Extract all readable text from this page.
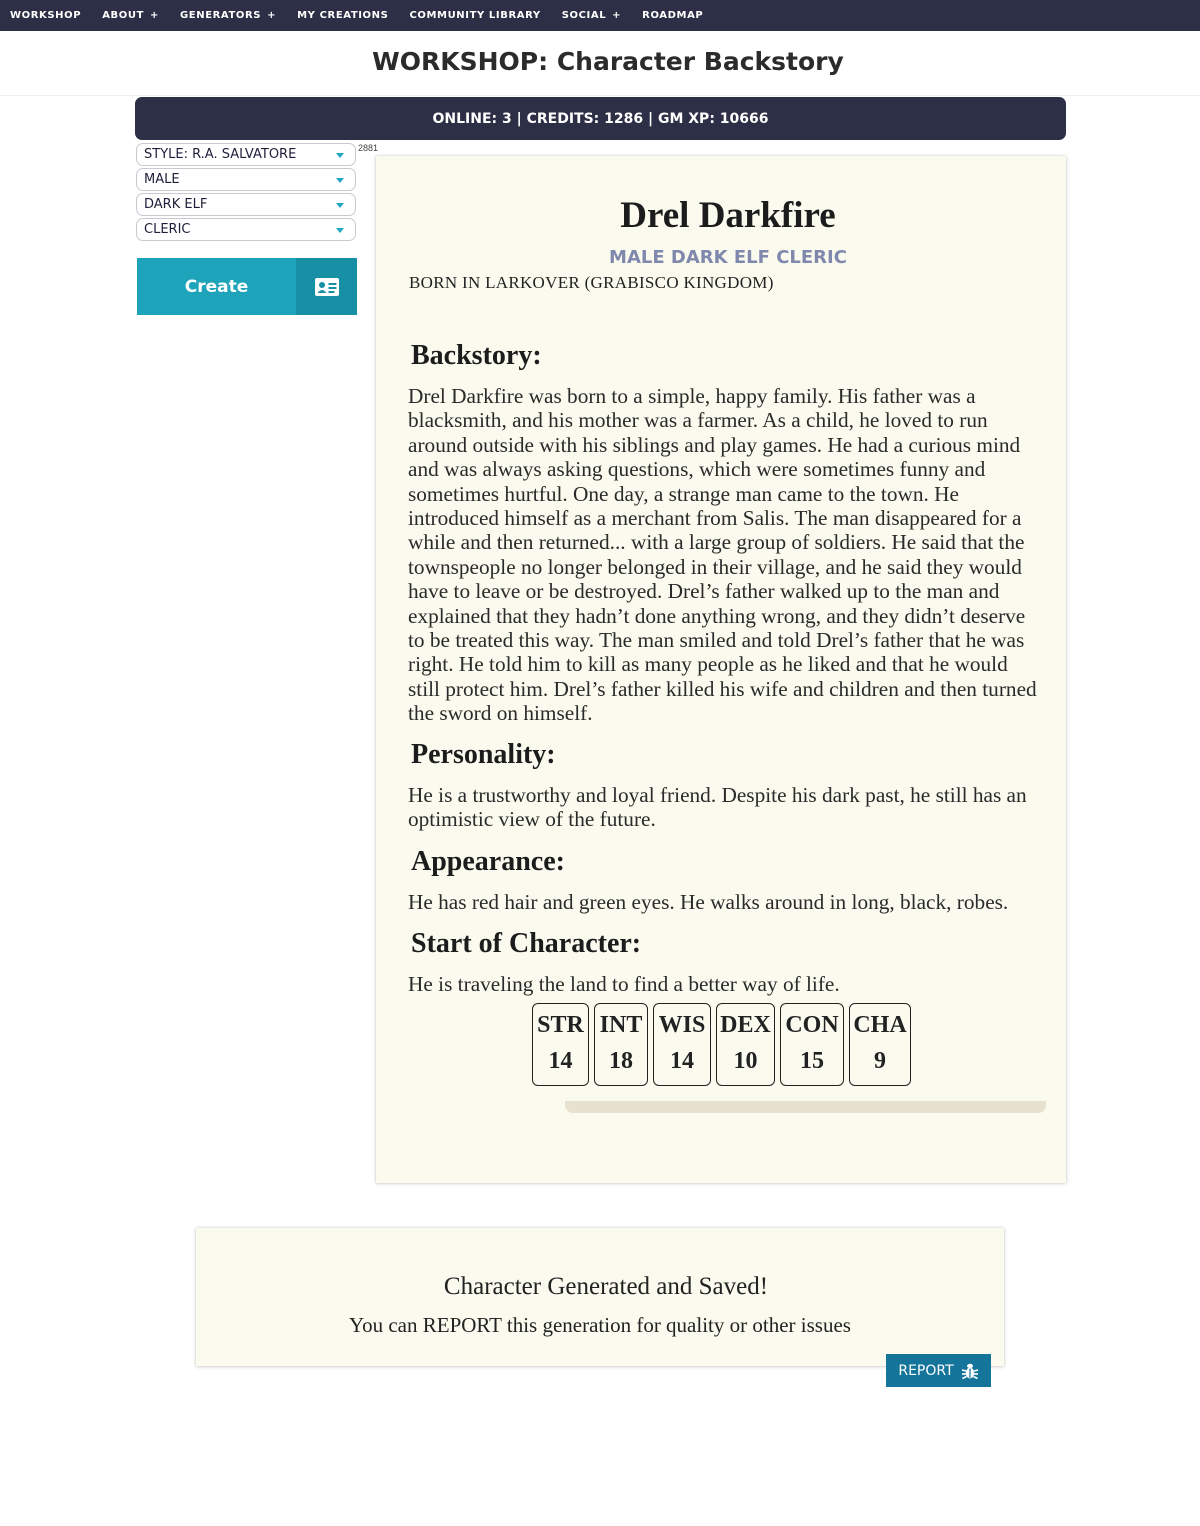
WORKSHOP ABOUT + GENERATORS + MY CREATIONS COMMUNITY LIBRARY SOCIAL + ROADMAP
WORKSHOP: Character Backstory
ONLINE: 3 | CREDITS: 1286 | GM XP: 10666
STYLE: R.A. SALVATORE
MALE
DARK ELF
CLERIC
2881
Create
Drel Darkfire
MALE DARK ELF CLERIC
BORN IN LARKOVER (GRABISCO KINGDOM)
Backstory:
Drel Darkfire was born to a simple, happy family. His father was a blacksmith, and his mother was a farmer. As a child, he loved to run around outside with his siblings and play games. He had a curious mind and was always asking questions, which were sometimes funny and sometimes hurtful. One day, a strange man came to the town. He introduced himself as a merchant from Salis. The man disappeared for a while and then returned... with a large group of soldiers. He said that the townspeople no longer belonged in their village, and he said they would have to leave or be destroyed. Drel’s father walked up to the man and explained that they hadn’t done anything wrong, and they didn’t deserve to be treated this way. The man smiled and told Drel’s father that he was right. He told him to kill as many people as he liked and that he would still protect him. Drel’s father killed his wife and children and then turned the sword on himself.
Personality:
He is a trustworthy and loyal friend. Despite his dark past, he still has an optimistic view of the future.
Appearance:
He has red hair and green eyes. He walks around in long, black, robes.
Start of Character:
He is traveling the land to find a better way of life.
STR
14
INT
18
WIS
14
DEX
10
CON
15
CHA
9
Character Generated and Saved!
You can REPORT this generation for quality or other issues
REPORT
